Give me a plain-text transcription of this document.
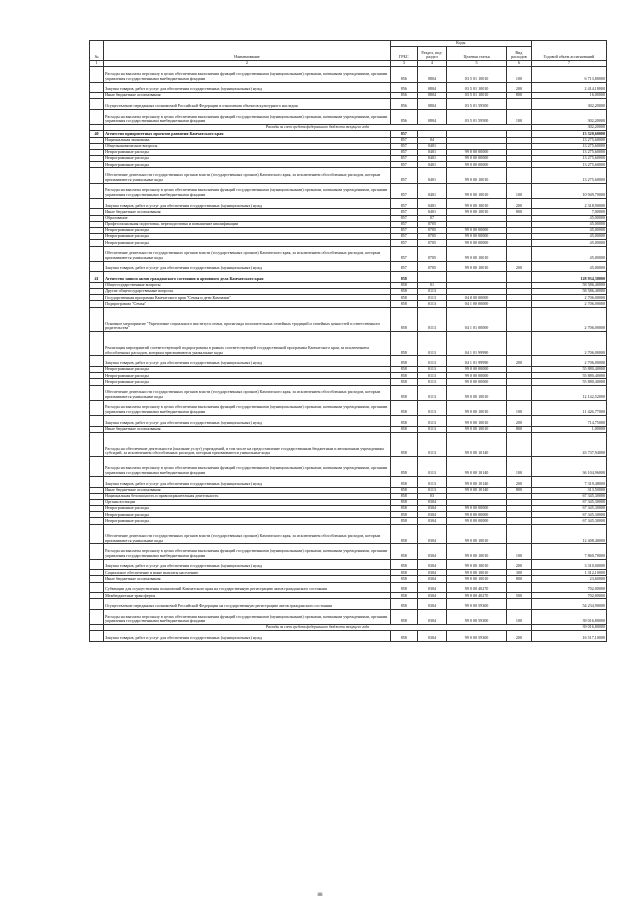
№	Наименование	Коды				Годовой объем ассигнований
		ГРБС	Раздел, под-раздел	Целевая статья	Вид расходов	
1	2	3	4	5	6	7
	Расходы на выплаты персоналу в целях обеспечения выполнения функций государственными (муниципальными) органами, казенными учреждениями, органами управления государственными внебюджетными фондами	856	0804	03 5 01 10010	100	6 713,80000
	Закупка товаров, работ и услуг для обеспечения государственных (муниципальных) нужд	856	0804	03 5 01 10010	200	2 414,18000
	Иные бюджетные ассигнования	856	0804	03 5 01 10010	800	16,00000
	Осуществление переданных полномочий Российской Федерации в отношении объектов культурного наследия	856	0804	03 5 01 59500		302,20000
	Расходы на выплаты персоналу в целях обеспечения выполнения функций государственными (муниципальными) органами, казенными учреждениями, органами управления государственными внебюджетными фондами	856	0804	03 5 01 59500	100	302,20000
	Расходы за счет средств федерального бюджета текущего года					302,20000
40	Агентство приоритетных проектов развития Камчатского края	857				13 320,60000
	Национальная экономика	857	04			13 275,60000
	Общеэкономические вопросы	857	0401			13 275,60000
	Непрограммные расходы	857	0401	99 0 00 00000		13 275,60000
	Непрограммные расходы	857	0401	99 0 00 00000		13 275,60000
	Непрограммные расходы	857	0401	99 0 00 00000		13 275,60000
	Обеспечение деятельности государственных органов власти (государственных органов) Камчатского края, за исключением обособленных расходов, которым присваиваются уникальные коды	857	0401	99 0 00 10010		13 275,60000
	Расходы на выплаты персоналу в целях обеспечения выполнения функций государственными (муниципальными) органами, казенными учреждениями, органами управления государственными внебюджетными фондами	857	0401	99 0 00 10010	100	10 949,70000
	Закупка товаров, работ и услуг для обеспечения государственных (муниципальных) нужд	857	0401	99 0 00 10010	200	2 318,90000
	Иные бюджетные ассигнования	857	0401	99 0 00 10010	800	7,00000
	Образование	857	07			45,00000
	Профессиональная подготовка, переподготовка и повышение квалификации	857	0705			45,00000
	Непрограммные расходы	857	0705	99 0 00 00000		45,00000
	Непрограммные расходы	857	0705	99 0 00 00000		45,00000
	Непрограммные расходы	857	0705	99 0 00 00000		45,00000
	Обеспечение деятельности государственных органов власти (государственных органов) Камчатского края, за исключением обособленных расходов, которым присваиваются уникальные коды	857	0705	99 0 00 10010		45,00000
	Закупка товаров, работ и услуг для обеспечения государственных (муниципальных) нужд	857	0705	99 0 00 10010	200	45,00000
41	Агентство записи актов гражданского состояния и архивного дела Камчатского края	858				128 934,38000
	Общегосударственные вопросы	858	01			58 586,40000
	Другие общегосударственные вопросы	858	0113			58 586,40000
	Государственная программа Камчатского края "Семья и дети Камчатки"	858	0113	04 0 00 00000		2 706,00000
	Подпрограмма "Семья"	858	0113	04 1 00 00000		2 706,00000
	Основное мероприятие "Укрепление социального института семьи, пропаганда положительных семейных традиций и семейных ценностей и ответственного родительства"	858	0113	04 1 01 00000		2 706,00000
	Реализация мероприятий соответствующей подпрограммы в рамках соответствующей государственной программы Камчатского края, за исключением обособленных расходов, которым присваиваются уникальные коды	858	0113	04 1 01 99990		2 706,00000
	Закупка товаров, работ и услуг для обеспечения государственных (муниципальных) нужд	858	0113	04 1 01 99990	200	2 706,00000
	Непрограммные расходы	858	0113	99 0 00 00000		55 880,40000
	Непрограммные расходы	858	0113	99 0 00 00000		55 880,40000
	Непрограммные расходы	858	0113	99 0 00 00000		55 880,40000
	Обеспечение деятельности государственных органов власти (государственных органов) Камчатского края, за исключением обособленных расходов, которым присваиваются уникальные коды	858	0113	99 0 00 10010		12 142,52000
	Расходы на выплаты персоналу в целях обеспечения выполнения функций государственными (муниципальными) органами, казенными учреждениями, органами управления государственными внебюджетными фондами	858	0113	99 0 00 10010	100	11 426,77000
	Закупка товаров, работ и услуг для обеспечения государственных (муниципальных) нужд	858	0113	99 0 00 10010	200	714,75000
	Иные бюджетные ассигнования	858	0113	99 0 00 10010	800	1,00000
	Расходы на обеспечение деятельности (оказание услуг) учреждений, в том числе на предоставление государственным бюджетным и автономным учреждениям субсидий, за исключением обособленных расходов, которым присваиваются уникальные коды	858	0113	99 0 00 10140		43 737,94000
	Расходы на выплаты персоналу в целях обеспечения выполнения функций государственными (муниципальными) органами, казенными учреждениями, органами управления государственными внебюджетными фондами	858	0113	99 0 00 10140	100	36 104,96000
	Закупка товаров, работ и услуг для обеспечения государственных (муниципальных) нужд	858	0113	99 0 00 10140	200	7 319,48000
	Иные бюджетные ассигнования	858	0113	99 0 00 10140	800	313,50000
	Национальная безопасность и правоохранительная деятельность	858	03			67 345,30000
	Органы юстиции	858	0304			67 345,30000
	Непрограммные расходы	858	0304	99 0 00 00000		67 345,30000
	Непрограммные расходы	858	0304	99 0 00 00000		67 345,30000
	Непрограммные расходы	858	0304	99 0 00 00000		67 345,30000
	Обеспечение деятельности государственных органов власти (государственных органов) Камчатского края, за исключением обособленных расходов, которым присваиваются уникальные коды	858	0304	99 0 00 10010		12 408,40000
	Расходы на выплаты персоналу в целях обеспечения выполнения функций государственными (муниципальными) органами, казенными учреждениями, органами управления государственными внебюджетными фондами	858	0304	99 0 00 10010	100	7 860,70000
	Закупка товаров, работ и услуг для обеспечения государственных (муниципальных) нужд	858	0304	99 0 00 10010	200	3 310,00000
	Социальное обеспечение и иные выплаты населению	858	0304	99 0 00 10010	300	1 312,10000
	Иные бюджетные ассигнования	858	0304	99 0 00 10010	800	23,60000
	Субвенции для осуществления полномочий Камчатского края на государственную регистрацию актов гражданского состояния	858	0304	99 0 00 40270		702,00000
	Межбюджетные трансферты	858	0304	99 0 00 40270	500	702,00000
	Осуществление переданных полномочий Российской Федерации на государственную регистрацию актов гражданского состояния	858	0304	99 0 00 59300		54 234,90000
	Расходы на выплаты персоналу в целях обеспечения выполнения функций государственными (муниципальными) органами, казенными учреждениями, органами управления государственными внебюджетными фондами	858	0304	99 0 00 59300	100	39 016,80000
	Расходы за счет средств федерального бюджета текущего года					39 016,80000
	Закупка товаров, работ и услуг для обеспечения государственных (муниципальных) нужд	858	0304	99 0 00 59300	200	16 517,10000
88
